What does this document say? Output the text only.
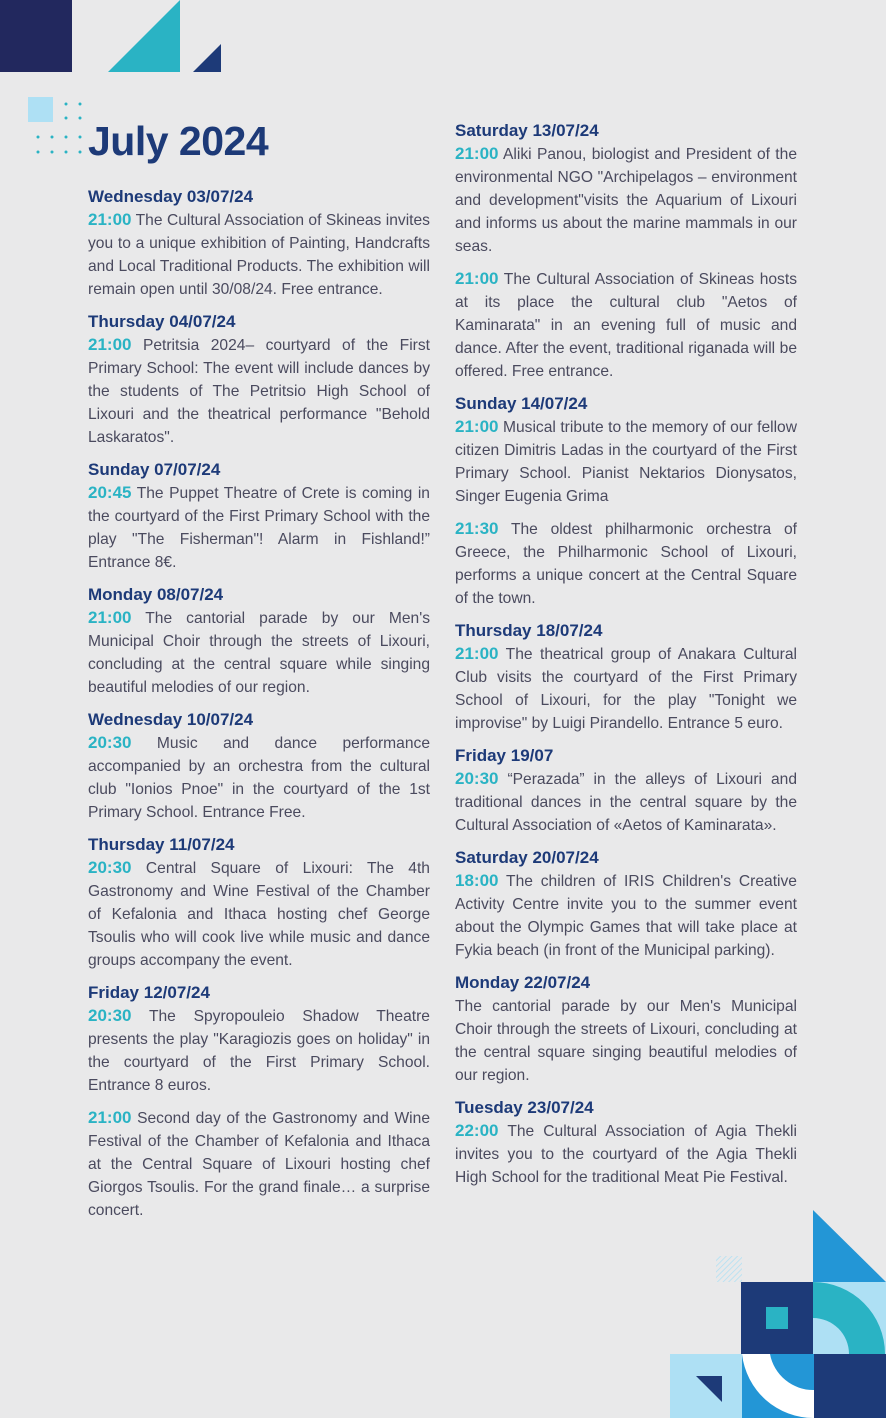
July 2024

Wednesday 03/07/24

21:00 The Cultural Association of Skineas invites you to a unique exhibition of Painting, Handcrafts and Local Traditional Products. The exhibition will remain open until 30/08/24. Free entrance.

Thursday 04/07/24

21:00 Petritsia 2024– courtyard of the First Primary School: The event will include dances by the students of The Petritsio High School of Lixouri and the theatrical performance "Behold Laskaratos".

Sunday 07/07/24

20:45 The Puppet Theatre of Crete is coming in the courtyard of the First Primary School with the play "The Fisherman"! Alarm in Fishland!” Entrance 8€.

Monday 08/07/24

21:00 The cantorial parade by our Men's Municipal Choir through the streets of Lixouri, concluding at the central square while singing beautiful melodies of our region.

Wednesday 10/07/24

20:30 Music and dance performance accompanied by an orchestra from the cultural club "Ionios Pnoe" in the courtyard of the 1st Primary School. Entrance Free.

Thursday 11/07/24

20:30 Central Square of Lixouri: The 4th Gastronomy and Wine Festival of the Chamber of Kefalonia and Ithaca hosting chef George Tsoulis who will cook live while music and dance groups accompany the event.

Friday 12/07/24

20:30 The Spyropouleio Shadow Theatre presents the play "Karagiozis goes on holiday" in the courtyard of the First Primary School. Entrance 8 euros.

21:00 Second day of the Gastronomy and Wine Festival of the Chamber of Kefalonia and Ithaca at the Central Square of Lixouri hosting chef Giorgos Tsoulis. For the grand finale… a surprise concert.

Saturday 13/07/24

21:00 Aliki Panou, biologist and President of the environmental NGO "Archipelagos – environment and development"visits the Aquarium of Lixouri and informs us about the marine mammals in our seas.

21:00 The Cultural Association of Skineas hosts at its place the cultural club "Aetos of Kaminarata" in an evening full of music and dance. After the event, traditional riganada will be offered. Free entrance.

Sunday 14/07/24

21:00 Musical tribute to the memory of our fellow citizen Dimitris Ladas in the courtyard of the First Primary School. Pianist Nektarios Dionysatos, Singer Eugenia Grima

21:30 The oldest philharmonic orchestra of Greece, the Philharmonic School of Lixouri, performs a unique concert at the Central Square of the town.

Thursday 18/07/24

21:00 The theatrical group of Anakara Cultural Club visits the courtyard of the First Primary School of Lixouri, for the play "Tonight we improvise" by Luigi Pirandello. Entrance 5 euro.

Friday 19/07

20:30 “Perazada” in the alleys of Lixouri and traditional dances in the central square by the Cultural Association of «Aetos of Kaminarata».

Saturday 20/07/24

18:00 The children of IRIS Children's Creative Activity Centre invite you to the summer event about the Olympic Games that will take place at Fykia beach (in front of the Municipal parking).

Monday 22/07/24

The cantorial parade by our Men's Municipal Choir through the streets of Lixouri, concluding at the central square singing beautiful melodies of our region.

Tuesday 23/07/24

22:00 The Cultural Association of Agia Thekli invites you to the courtyard of the Agia Thekli High School for the traditional Meat Pie Festival.
